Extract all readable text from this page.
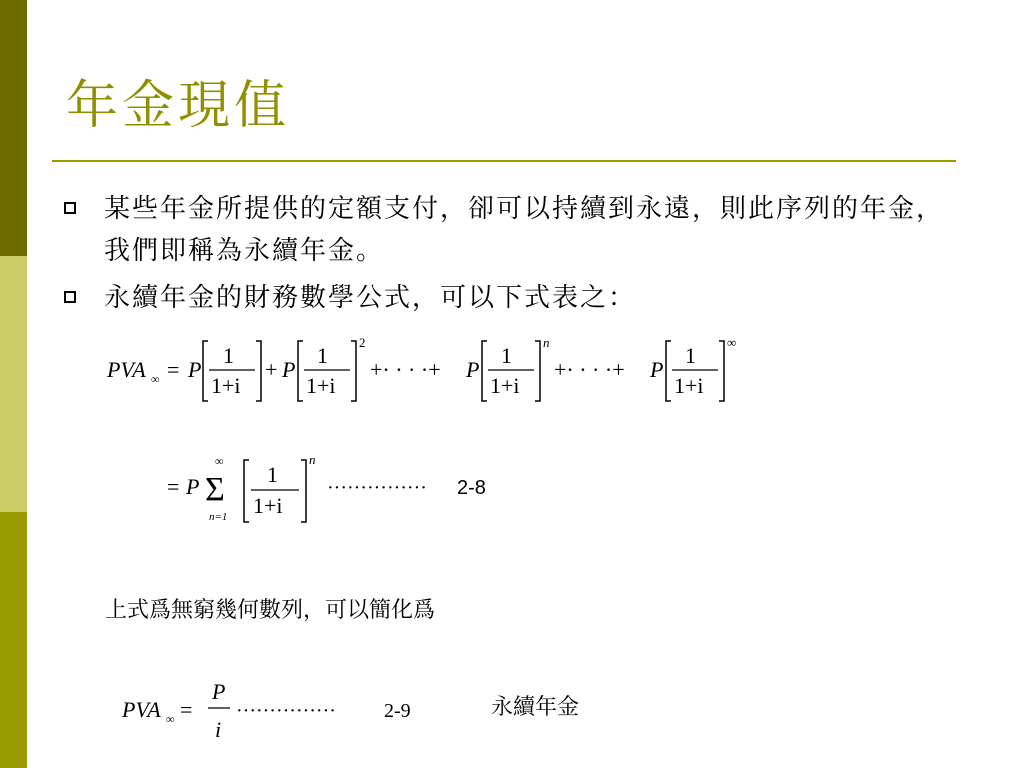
年金現值
某些年金所提供的定額支付，卻可以持續到永遠，則此序列的年金，我們即稱為永續年金。
永續年金的財務數學公式，可以下式表之：
PVA ∞ = P
1
1+i
+ P
1
1+i
2
+· · · ·+ P
1
1+i
n
+· · · ·+ P
1
1+i
∞
= P Σ
∞
n=1
1
1+i
n
··············· 2-8
上式爲無窮幾何數列，可以簡化爲
PVA ∞ =
P
i
··············· 2-9	永續年金
